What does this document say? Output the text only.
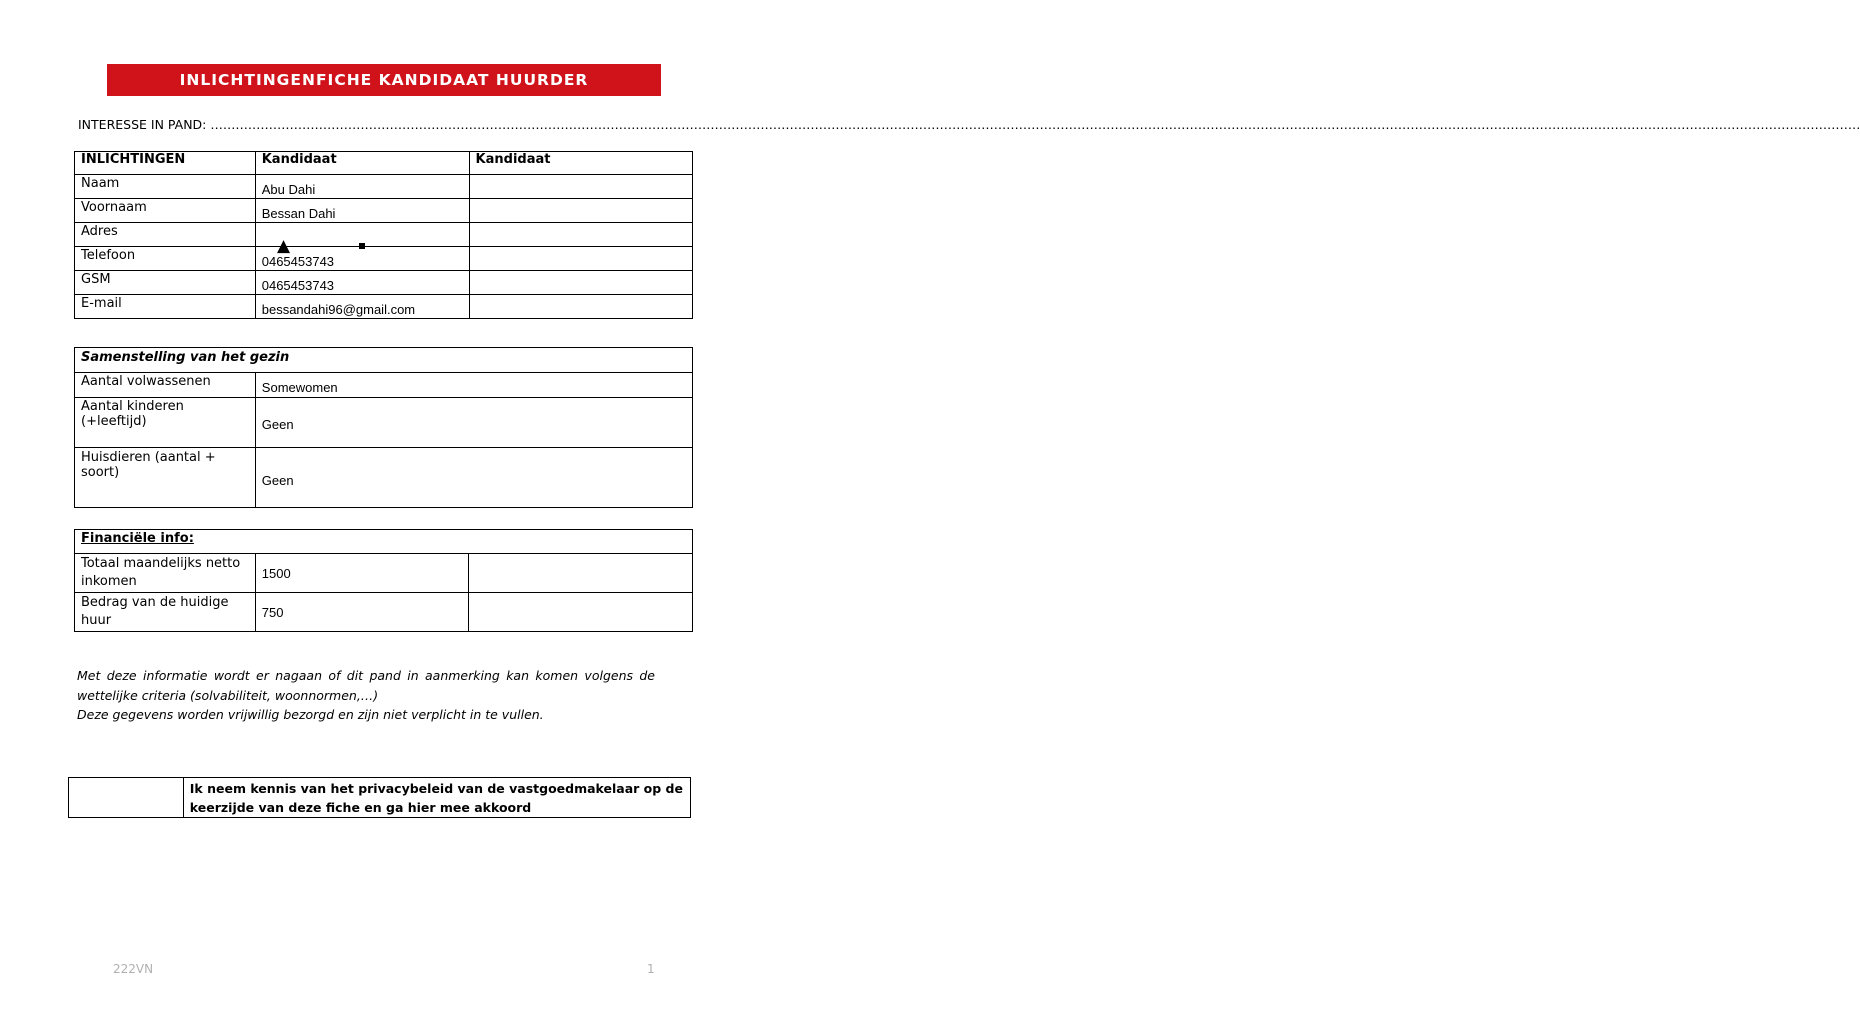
INLICHTINGENFICHE KANDIDAAT HUURDER
INTERESSE IN PAND: ………………………………………………………………………………………………………………………………………………………………………………………………………………………………………………………………………………………………………………………………………………………………
INLICHTINGEN	Kandidaat	Kandidaat
Naam	Abu Dahi	
Voornaam	Bessan Dahi	
Adres		
Telefoon	0465453743	
GSM	0465453743	
E-mail	bessandahi96@gmail.com	
▲
Samenstelling van het gezin	
Aantal volwassenen	Somewomen
Aantal kinderen (+leeftijd)	Geen
Huisdieren (aantal + soort)	Geen
Financiële info:		
Totaal maandelijks netto inkomen	1500	
Bedrag van de huidige huur	750	
Met deze informatie wordt er nagaan of dit pand in aanmerking kan komen volgens de wettelijke criteria (solvabiliteit, woonnormen,…)
Deze gegevens worden vrijwillig bezorgd en zijn niet verplicht in te vullen.
	Ik neem kennis van het privacybeleid van de vastgoedmakelaar op de keerzijde van deze fiche en ga hier mee akkoord
222VN	1
